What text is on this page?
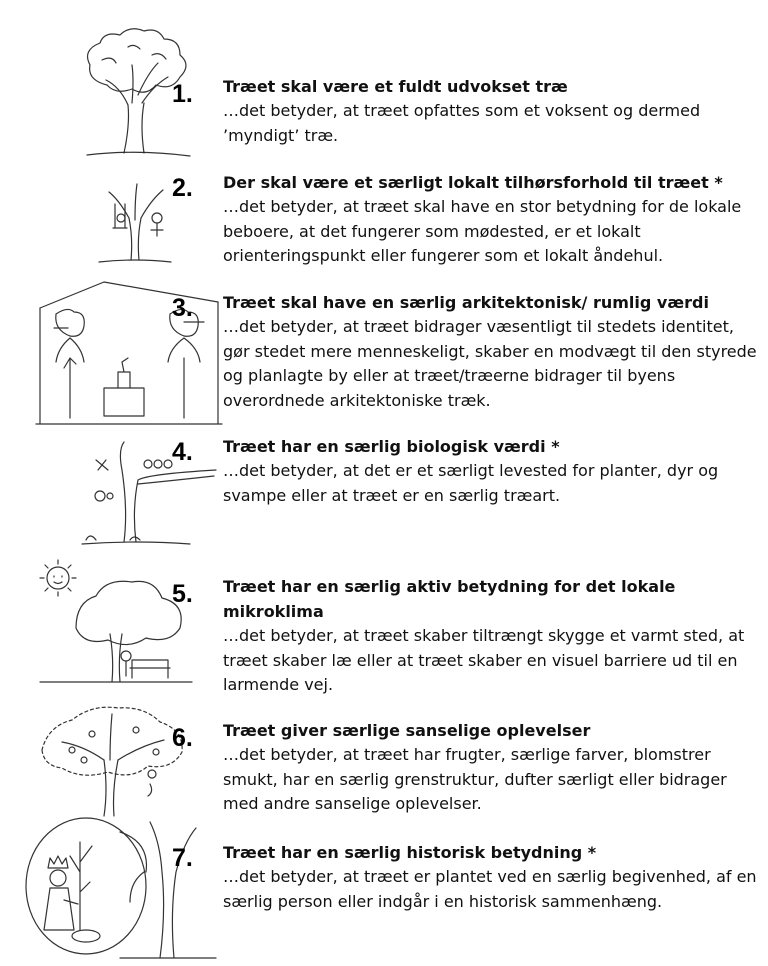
1. Træet skal være et fuldt udvokset træ

…det betyder, at træet opfattes som et voksent og dermed ’myndigt’ træ.

2. Der skal være et særligt lokalt tilhørsforhold til træet *

…det betyder, at træet skal have en stor betydning for de lokale beboere, at det fungerer som mødested, er et lokalt orienteringspunkt eller fungerer som et lokalt åndehul.

3. Træet skal have en særlig arkitektonisk/ rumlig værdi

…det betyder, at træet bidrager væsentligt til stedets identitet, gør stedet mere menneskeligt, skaber en modvægt til den styrede og planlagte by eller at træet/træerne bidrager til byens overordnede arkitektoniske træk.

4. Træet har en særlig biologisk værdi *

…det betyder, at det er et særligt levested for planter, dyr og svampe eller at træet er en særlig træart.

5. Træet har en særlig aktiv betydning for det lokale mikroklima

…det betyder, at træet skaber tiltrængt skygge et varmt sted, at træet skaber læ eller at træet skaber en visuel barriere ud til en larmende vej.

6. Træet giver særlige sanselige oplevelser

…det betyder, at træet har frugter, særlige farver, blomstrer smukt, har en særlig grenstruktur, dufter særligt eller bidrager med andre sanselige oplevelser.

7. Træet har en særlig historisk betydning *

…det betyder, at træet er plantet ved en særlig begivenhed, af en særlig person eller indgår i en historisk sammenhæng.
